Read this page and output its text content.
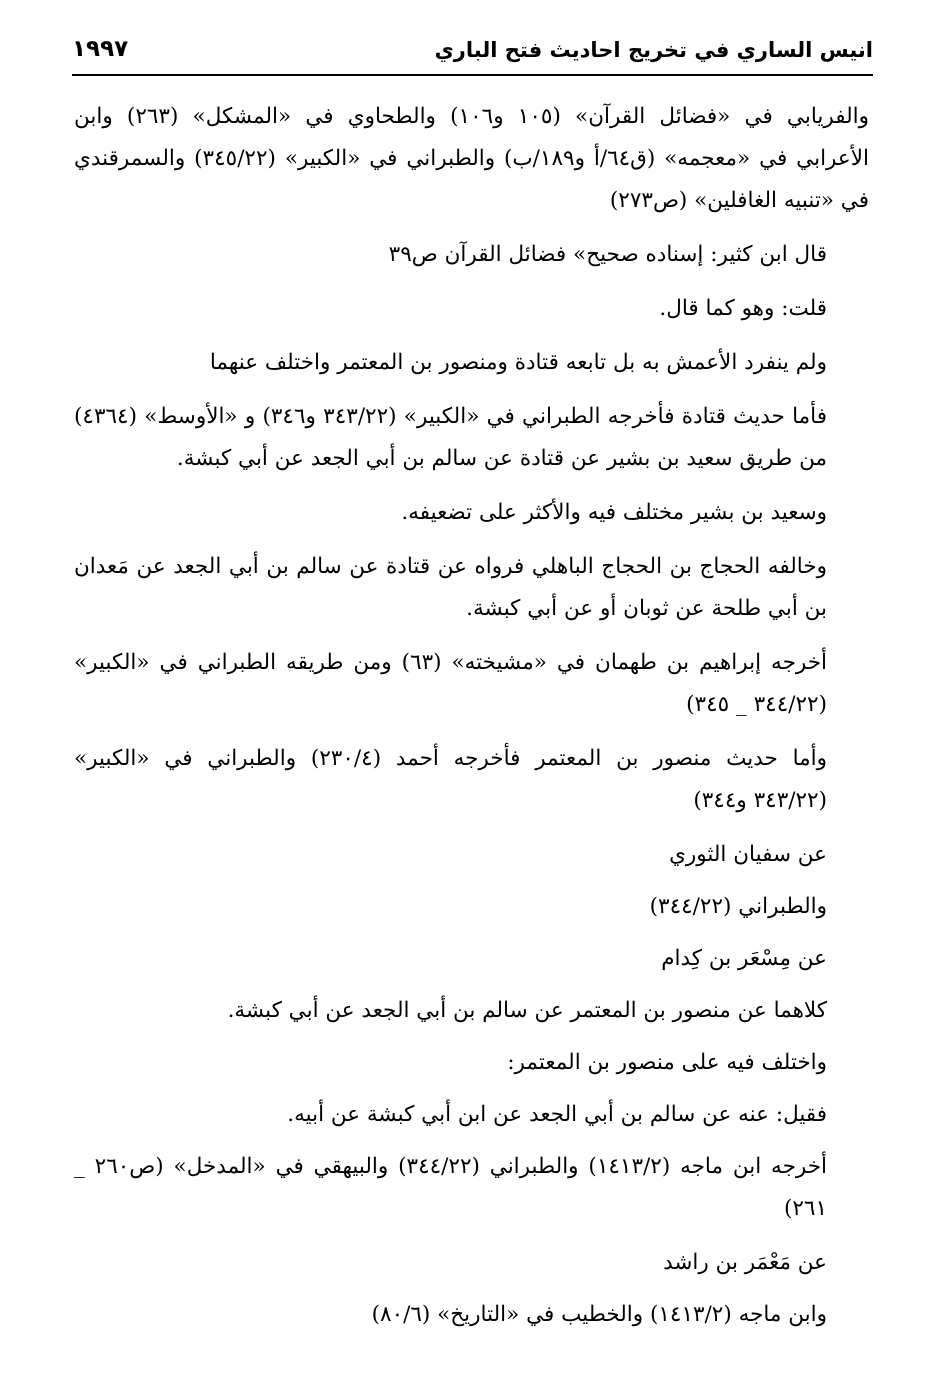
انيس الساري في تخريج احاديث فتح الباري
١٩٩٧

والفريابي في «فضائل القرآن» (١٠٥ و١٠٦) والطحاوي في «المشكل» (٢٦٣) وابن الأعرابي في «معجمه» (ق٦٤/أ و١٨٩/ب) والطبراني في «الكبير» (٣٤٥/٢٢) والسمرقندي في «تنبيه الغافلين» (ص٢٧٣)

قال ابن كثير: إسناده صحيح» فضائل القرآن ص٣٩

قلت: وهو كما قال.

ولم ينفرد الأعمش به بل تابعه قتادة ومنصور بن المعتمر واختلف عنهما

فأما حديث قتادة فأخرجه الطبراني في «الكبير» (٣٤٣/٢٢ و٣٤٦) و «الأوسط» (٤٣٦٤) من طريق سعيد بن بشير عن قتادة عن سالم بن أبي الجعد عن أبي كبشة.

وسعيد بن بشير مختلف فيه والأكثر على تضعيفه.

وخالفه الحجاج بن الحجاج الباهلي فرواه عن قتادة عن سالم بن أبي الجعد عن مَعدان بن أبي طلحة عن ثوبان أو عن أبي كبشة.

أخرجه إبراهيم بن طهمان في «مشيخته» (٦٣) ومن طريقه الطبراني في «الكبير» (٣٤٤/٢٢ _ ٣٤٥)

وأما حديث منصور بن المعتمر فأخرجه أحمد (٢٣٠/٤) والطبراني في «الكبير» (٣٤٣/٢٢ و٣٤٤)

عن سفيان الثوري

والطبراني (٣٤٤/٢٢)

عن مِسْعَر بن كِدام

كلاهما عن منصور بن المعتمر عن سالم بن أبي الجعد عن أبي كبشة.

واختلف فيه على منصور بن المعتمر:

فقيل: عنه عن سالم بن أبي الجعد عن ابن أبي كبشة عن أبيه.

أخرجه ابن ماجه (١٤١٣/٢) والطبراني (٣٤٤/٢٢) والبيهقي في «المدخل» (ص٢٦٠ _ ٢٦١)

عن مَعْمَر بن راشد

وابن ماجه (١٤١٣/٢) والخطيب في «التاريخ» (٨٠/٦)
